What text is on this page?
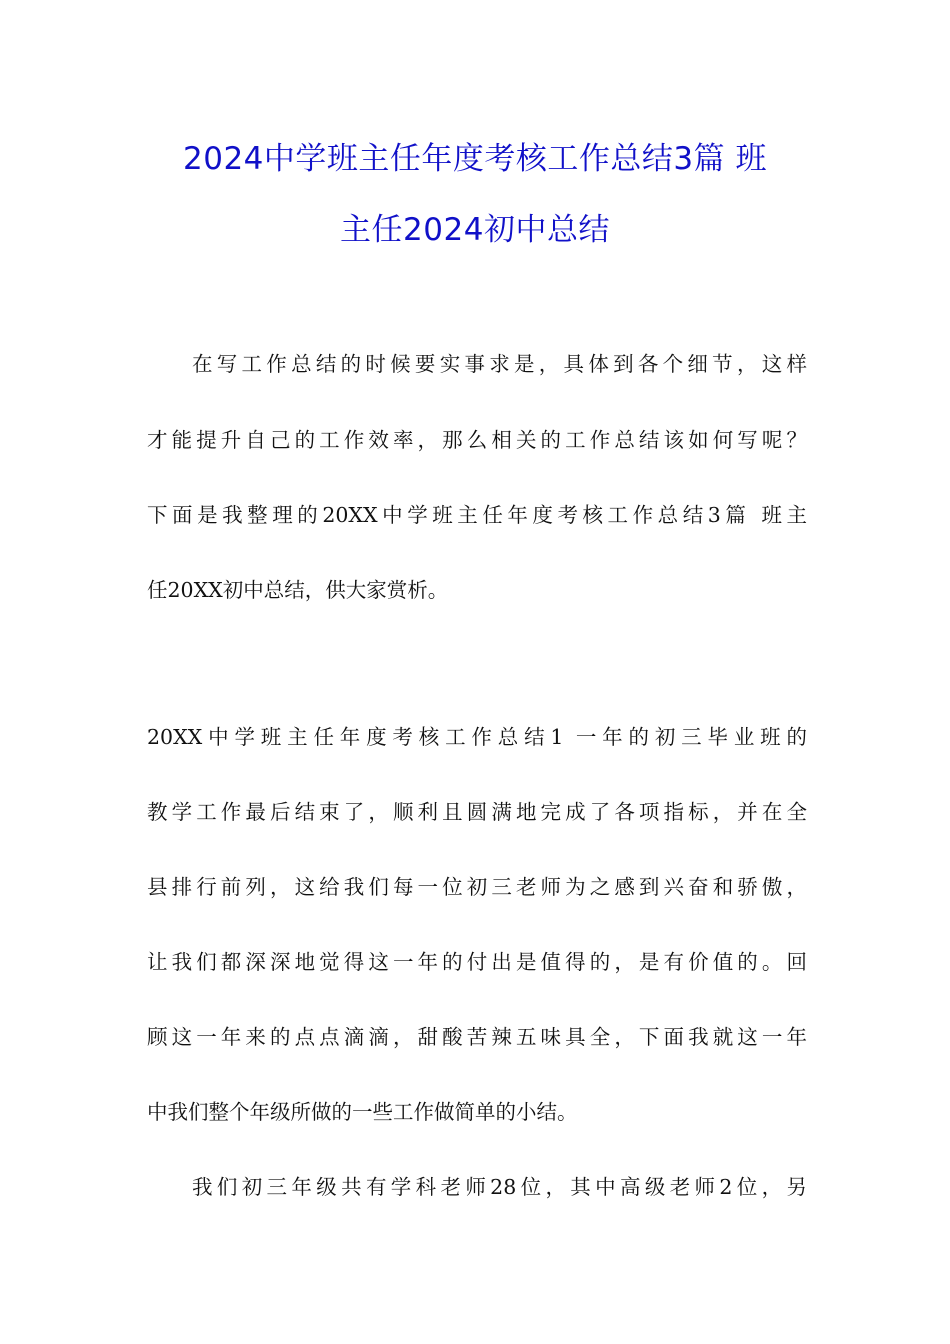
2024中学班主任年度考核工作总结3篇 班
主任2024初中总结
在写工作总结的时候要实事求是，具体到各个细节，这样
才能提升自己的工作效率，那么相关的工作总结该如何写呢？
下面是我整理的20XX中学班主任年度考核工作总结3篇 班主
任20XX初中总结，供大家赏析。
20XX中学班主任年度考核工作总结1 一年的初三毕业班的
教学工作最后结束了，顺利且圆满地完成了各项指标，并在全
县排行前列，这给我们每一位初三老师为之感到兴奋和骄傲，
让我们都深深地觉得这一年的付出是值得的，是有价值的。回
顾这一年来的点点滴滴，甜酸苦辣五味具全，下面我就这一年
中我们整个年级所做的一些工作做简单的小结。
我们初三年级共有学科老师28位，其中高级老师2位，另
